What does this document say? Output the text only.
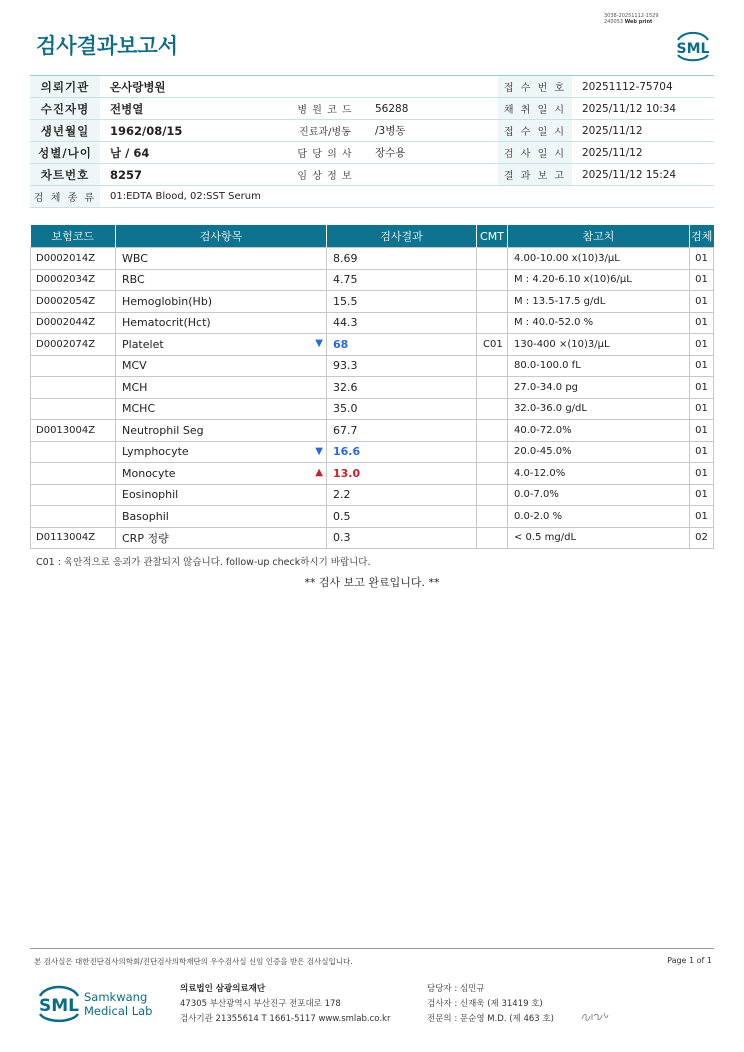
검사결과보고서
3038-20251112-1529
240053 Web print
SML
의뢰기관	온사랑병원			접 수 번 호	20251112-75704
수진자명	전병열	병 원 코 드	56288	채 취 일 시	2025/11/12 10:34
생년월일	1962/08/15	진료과/병동	/3병동	접 수 일 시	2025/11/12
성별/나이	남 / 64	담 당 의 사	장수용	검 사 일 시	2025/11/12
차트번호	8257	임 상 정 보		결 과 보 고	2025/11/12 15:24
검 체 종 류	01:EDTA Blood, 02:SST Serum				
보험코드	검사항목	검사결과	CMT	참고치	검체
D0002014Z	WBC	8.69		4.00-10.00 x(10)3/μL	01
D0002034Z	RBC	4.75		M : 4.20-6.10 x(10)6/μL	01
D0002054Z	Hemoglobin(Hb)	15.5		M : 13.5-17.5 g/dL	01
D0002044Z	Hematocrit(Hct)	44.3		M : 40.0-52.0 %	01
D0002074Z	Platelet ▼	68	C01	130-400 ×(10)3/μL	01
	MCV	93.3		80.0-100.0 fL	01
	MCH	32.6		27.0-34.0 pg	01
	MCHC	35.0		32.0-36.0 g/dL	01
D0013004Z	Neutrophil Seg	67.7		40.0-72.0%	01
	Lymphocyte ▼	16.6		20.0-45.0%	01
	Monocyte ▲	13.0		4.0-12.0%	01
	Eosinophil	2.2		0.0-7.0%	01
	Basophil	0.5		0.0-2.0 %	01
D0113004Z	CRP 정량	0.3		< 0.5 mg/dL	02
C01 : 육안적으로 응괴가 관찰되지 않습니다. follow-up check하시기 바랍니다.
** 검사 보고 완료입니다. **
본 검사실은 대한진단검사의학회/진단검사의학재단의 우수검사실 신임 인증을 받은 검사실입니다.	Page 1 of 1
SML Samkwang
Medical Lab
의료법인 삼광의료재단
47305 부산광역시 부산진구 전포대로 178
검사기관 21355614 T 1661-5117 www.smlab.co.kr
담당자 : 심민규
검사자 : 신재욱 (제 31419 호)
전문의 : 문순영 M.D. (제 463 호)
